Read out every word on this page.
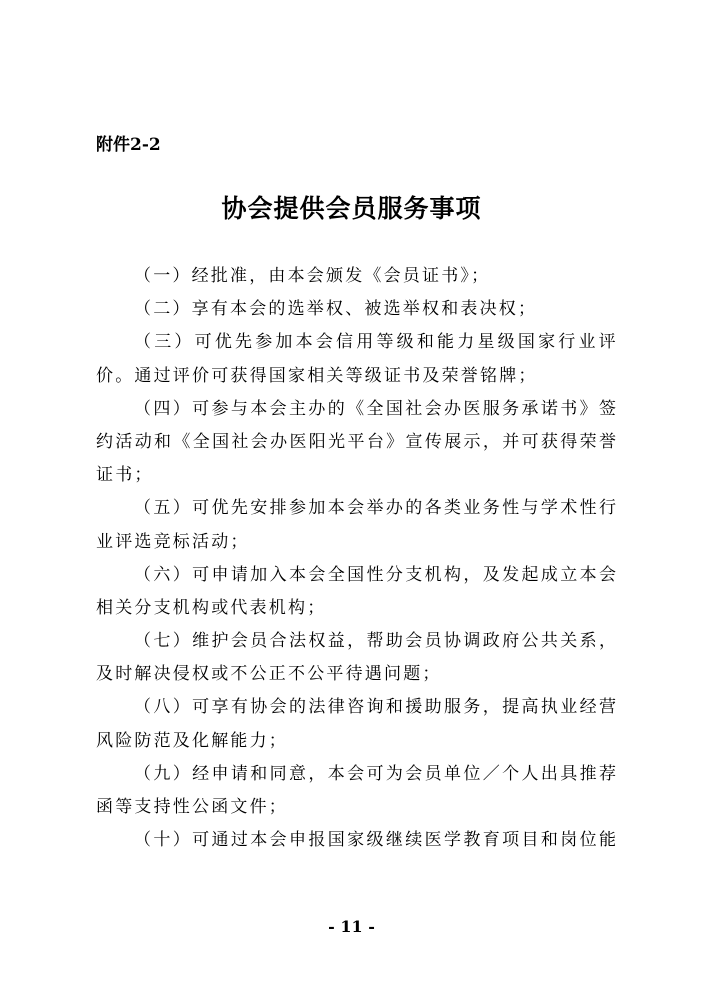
附件2-2
协会提供会员服务事项
（一）经批准，由本会颁发《会员证书》；
（二）享有本会的选举权、被选举权和表决权；
（ 三 ） 可 优 先 参 加 本 会 信 用 等 级 和 能 力 星 级 国 家 行 业 评
价。通过评价可获得国家相关等级证书及荣誉铭牌；
（ 四 ） 可 参 与 本 会 主 办 的 《 全 国 社 会 办 医 服 务 承 诺 书 》 签
约 活 动 和 《 全 国 社 会 办 医 阳 光 平 台 》 宣 传 展 示 ， 并 可 获 得 荣 誉
证书；
（ 五 ） 可 优 先 安 排 参 加 本 会 举 办 的 各 类 业 务 性 与 学 术 性 行
业评选竞标活动；
（ 六 ） 可 申 请 加 入 本 会 全 国 性 分 支 机 构 ， 及 发 起 成 立 本 会
相关分支机构或代表机构；
（ 七 ） 维 护 会 员 合 法 权 益 ， 帮 助 会 员 协 调 政 府 公 共 关 系 ，
及时解决侵权或不公正不公平待遇问题；
（ 八 ） 可 享 有 协 会 的 法 律 咨 询 和 援 助 服 务 ， 提 高 执 业 经 营
风险防范及化解能力；
（ 九 ） 经 申 请 和 同 意 ， 本 会 可 为 会 员 单 位 ／ 个 人 出 具 推 荐
函等支持性公函文件；
（ 十 ） 可 通 过 本 会 申 报 国 家 级 继 续 医 学 教 育 项 目 和 岗 位 能
- 11 -
